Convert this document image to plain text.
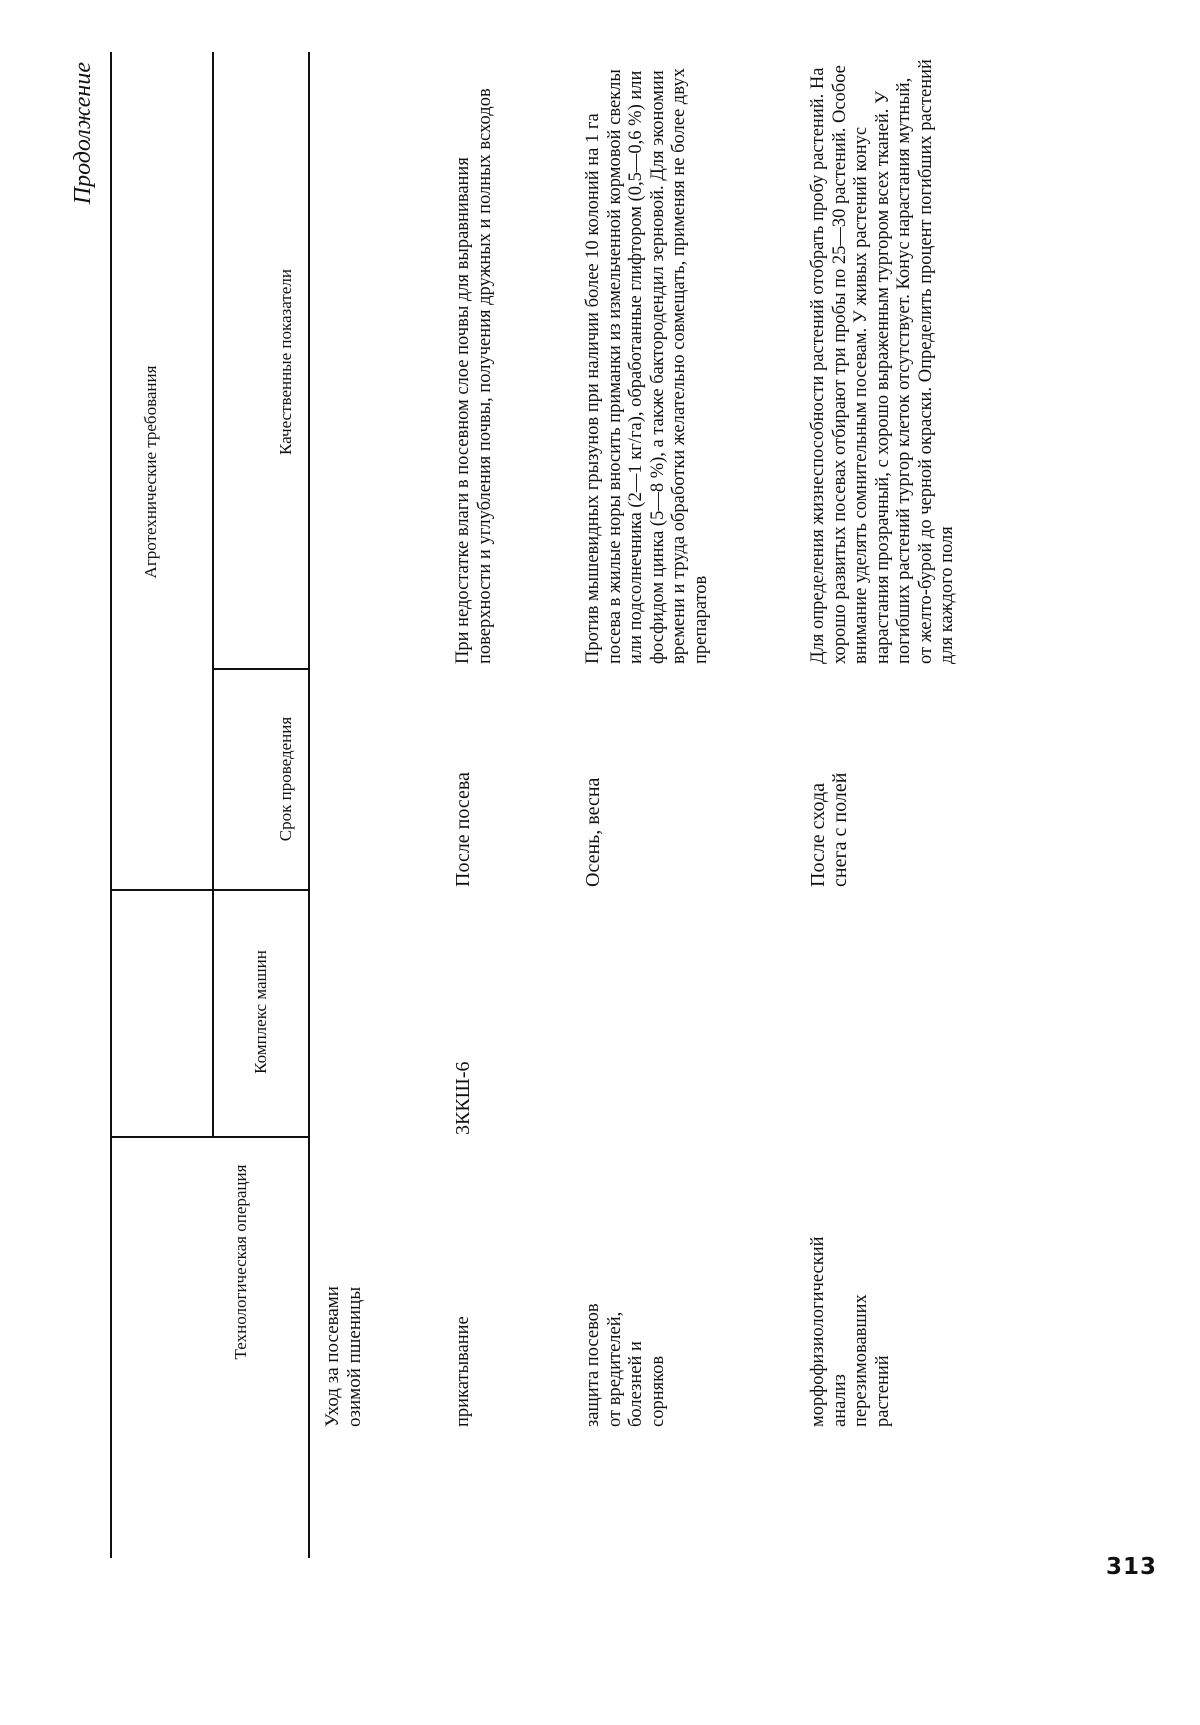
Продолжение
Технологическая операция
Комплекс машин
Агротехнические требования
Срок проведения
Качественные показатели
Уход за посевами озимой пшеницы	прикатывание
3ККШ-6
После посева
При недостатке влаги в посевном слое почвы для выравнивания поверхности и углубления почвы, получения дружных и полных всходов
защита посевов от вредителей, болезней и сорняков
Осень, весна
Против мышевидных грызунов при наличии более 10 колоний на 1 га посева в жилые норы вносить приманки из измельченной кормовой свеклы или подсолнечника (2—1 кг/га), обработанные глифтором (0,5—0,6 %) или фосфидом цинка (5—8 %), а также бактородендил зерновой. Для экономии времени и труда обработки желательно совмещать, применяя не более двух препаратов
морфофизиологический анализ перезимовавших растений
После схода снега с полей
Для определения жизнеспособности растений отобрать пробу растений. На хорошо развитых посевах отбирают три пробы по 25—30 растений. Особое внимание уделять сомнительным посевам. У живых растений конус нарастания прозрачный, с хорошо выраженным тургором всех тканей. У погибших растений тургор клеток отсутствует. Конус нарастания мутный, от желто-бурой до черной окраски. Определить процент погибших растений для каждого поля
313
